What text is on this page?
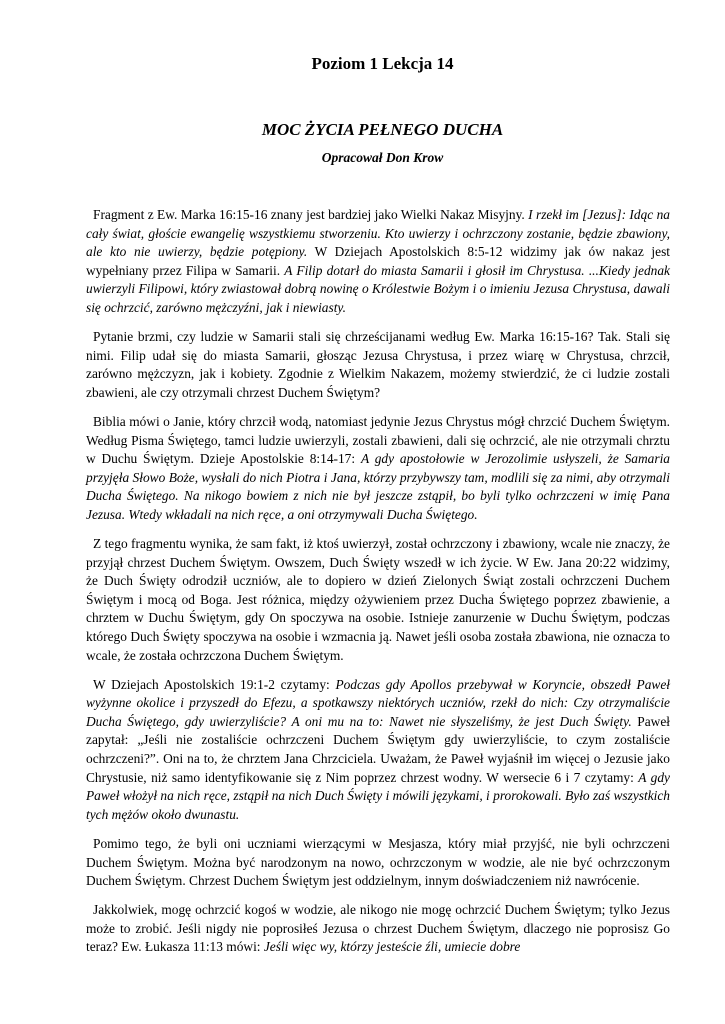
Poziom 1 Lekcja 14
MOC ŻYCIA PEŁNEGO DUCHA
Opracował Don Krow

Fragment z Ew. Marka 16:15-16 znany jest bardziej jako Wielki Nakaz Misyjny. I rzekł im [Jezus]: Idąc na cały świat, głoście ewangelię wszystkiemu stworzeniu. Kto uwierzy i ochrzczony zostanie, będzie zbawiony, ale kto nie uwierzy, będzie potępiony. W Dziejach Apostolskich 8:5-12 widzimy jak ów nakaz jest wypełniany przez Filipa w Samarii. A Filip dotarł do miasta Samarii i głosił im Chrystusa. ...Kiedy jednak uwierzyli Filipowi, który zwiastował dobrą nowinę o Królestwie Bożym i o imieniu Jezusa Chrystusa, dawali się ochrzcić, zarówno mężczyźni, jak i niewiasty.

Pytanie brzmi, czy ludzie w Samarii stali się chrześcijanami według Ew. Marka 16:15-16? Tak. Stali się nimi. Filip udał się do miasta Samarii, głosząc Jezusa Chrystusa, i przez wiarę w Chrystusa, chrzcił, zarówno mężczyzn, jak i kobiety. Zgodnie z Wielkim Nakazem, możemy stwierdzić, że ci ludzie zostali zbawieni, ale czy otrzymali chrzest Duchem Świętym?

Biblia mówi o Janie, który chrzcił wodą, natomiast jedynie Jezus Chrystus mógł chrzcić Duchem Świętym. Według Pisma Świętego, tamci ludzie uwierzyli, zostali zbawieni, dali się ochrzcić, ale nie otrzymali chrztu w Duchu Świętym. Dzieje Apostolskie 8:14-17: A gdy apostołowie w Jerozolimie usłyszeli, że Samaria przyjęła Słowo Boże, wysłali do nich Piotra i Jana, którzy przybywszy tam, modlili się za nimi, aby otrzymali Ducha Świętego. Na nikogo bowiem z nich nie był jeszcze zstąpił, bo byli tylko ochrzczeni w imię Pana Jezusa. Wtedy wkładali na nich ręce, a oni otrzymywali Ducha Świętego.

Z tego fragmentu wynika, że sam fakt, iż ktoś uwierzył, został ochrzczony i zbawiony, wcale nie znaczy, że przyjął chrzest Duchem Świętym. Owszem, Duch Święty wszedł w ich życie. W Ew. Jana 20:22 widzimy, że Duch Święty odrodził uczniów, ale to dopiero w dzień Zielonych Świąt zostali ochrzczeni Duchem Świętym i mocą od Boga. Jest różnica, między ożywieniem przez Ducha Świętego poprzez zbawienie, a chrztem w Duchu Świętym, gdy On spoczywa na osobie. Istnieje zanurzenie w Duchu Świętym, podczas którego Duch Święty spoczywa na osobie i wzmacnia ją. Nawet jeśli osoba została zbawiona, nie oznacza to wcale, że została ochrzczona Duchem Świętym.

W Dziejach Apostolskich 19:1-2 czytamy: Podczas gdy Apollos przebywał w Koryncie, obszedł Paweł wyżynne okolice i przyszedł do Efezu, a spotkawszy niektórych uczniów, rzekł do nich: Czy otrzymaliście Ducha Świętego, gdy uwierzyliście? A oni mu na to: Nawet nie słyszeliśmy, że jest Duch Święty. Paweł zapytał: „Jeśli nie zostaliście ochrzczeni Duchem Świętym gdy uwierzyliście, to czym zostaliście ochrzczeni?”. Oni na to, że chrztem Jana Chrzciciela. Uważam, że Paweł wyjaśnił im więcej o Jezusie jako Chrystusie, niż samo identyfikowanie się z Nim poprzez chrzest wodny. W wersecie 6 i 7 czytamy: A gdy Paweł włożył na nich ręce, zstąpił na nich Duch Święty i mówili językami, i prorokowali. Było zaś wszystkich tych mężów około dwunastu.

Pomimo tego, że byli oni uczniami wierzącymi w Mesjasza, który miał przyjść, nie byli ochrzczeni Duchem Świętym. Można być narodzonym na nowo, ochrzczonym w wodzie, ale nie być ochrzczonym Duchem Świętym. Chrzest Duchem Świętym jest oddzielnym, innym doświadczeniem niż nawrócenie.

Jakkolwiek, mogę ochrzcić kogoś w wodzie, ale nikogo nie mogę ochrzcić Duchem Świętym; tylko Jezus może to zrobić. Jeśli nigdy nie poprosiłeś Jezusa o chrzest Duchem Świętym, dlaczego nie poprosisz Go teraz? Ew. Łukasza 11:13 mówi: Jeśli więc wy, którzy jesteście źli, umiecie dobre
